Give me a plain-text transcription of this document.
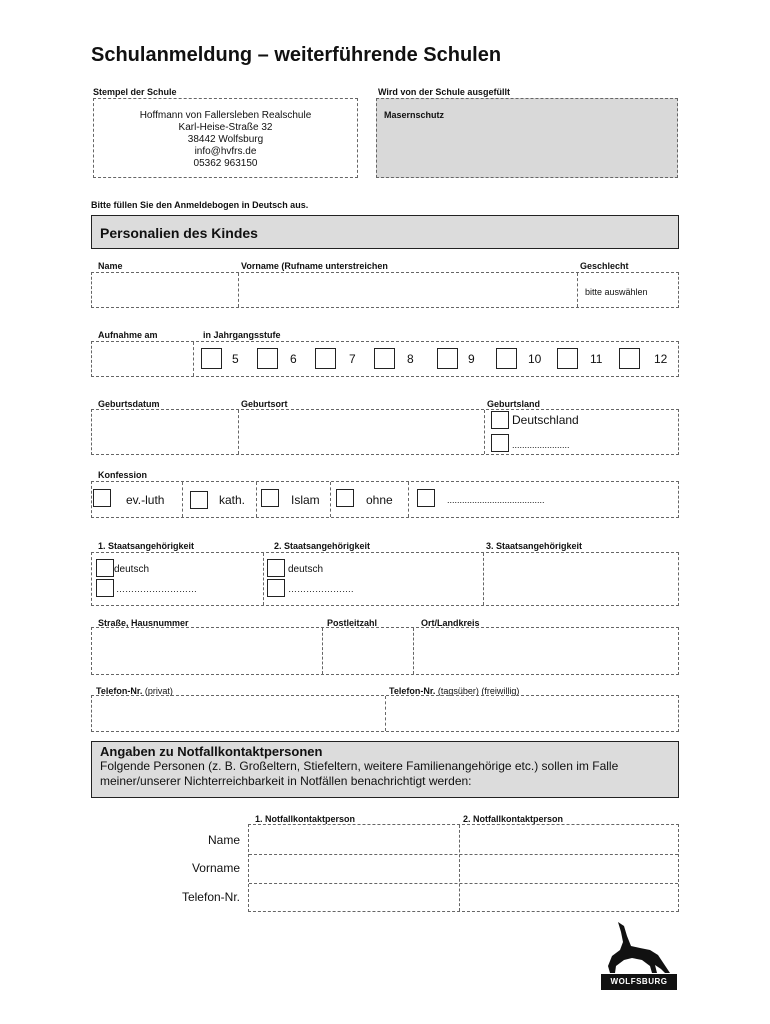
Schulanmeldung – weiterführende Schulen
Stempel der Schule
Hoffmann von Fallersleben Realschule
Karl-Heise-Straße 32
38442 Wolfsburg
info@hvfrs.de
05362 963150
Wird von der Schule ausgefüllt
Masernschutz
Bitte füllen Sie den Anmeldebogen in Deutsch aus.
Personalien des Kindes
Name	Vorname (Rufname unterstreichen	Geschlecht
bitte auswählen
Aufnahme am	in Jahrgangsstufe
5	6	7	8	9	10	11	12
Geburtsdatum	Geburtsort	Geburtsland
Deutschland
.......................
Konfession
ev.-luth	kath.	Islam	ohne	.......................................
1. Staatsangehörigkeit	2. Staatsangehörigkeit	3. Staatsangehörigkeit
deutsch
………………………
deutsch
………………….
Straße, Hausnummer	Postleitzahl	Ort/Landkreis
Telefon-Nr. (privat)	Telefon-Nr. (tagsüber) (freiwillig)
Angaben zu Notfallkontaktpersonen
Folgende Personen (z. B. Großeltern, Stiefeltern, weitere Familienangehörige etc.) sollen im Falle meiner/unserer Nichterreichbarkeit in Notfällen benachrichtigt werden:
1. Notfallkontaktperson	2. Notfallkontaktperson
Name
Vorname
Telefon-Nr.
WOLFSBURG
